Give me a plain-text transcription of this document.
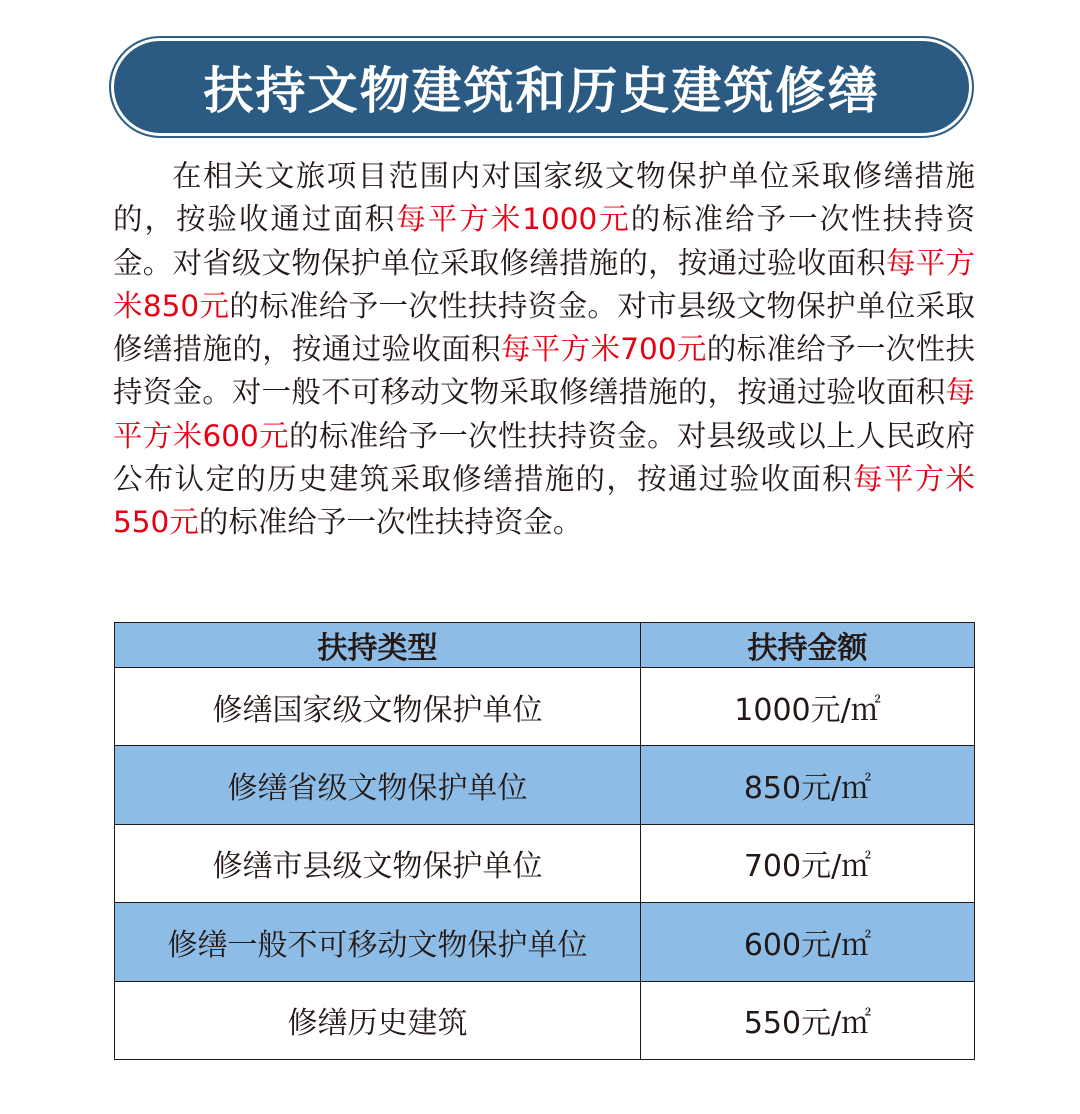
扶持文物建筑和历史建筑修缮

在相关文旅项目范围内对国家级文物保护单位采取修缮措施的，按验收通过面积每平方米1000元的标准给予一次性扶持资金。对省级文物保护单位采取修缮措施的，按通过验收面积每平方米850元的标准给予一次性扶持资金。对市县级文物保护单位采取修缮措施的，按通过验收面积每平方米700元的标准给予一次性扶持资金。对一般不可移动文物采取修缮措施的，按通过验收面积每平方米600元的标准给予一次性扶持资金。对县级或以上人民政府公布认定的历史建筑采取修缮措施的，按通过验收面积每平方米550元的标准给予一次性扶持资金。

扶持类型	扶持金额
修缮国家级文物保护单位	1000元/㎡
修缮省级文物保护单位	850元/㎡
修缮市县级文物保护单位	700元/㎡
修缮一般不可移动文物保护单位	600元/㎡
修缮历史建筑	550元/㎡
